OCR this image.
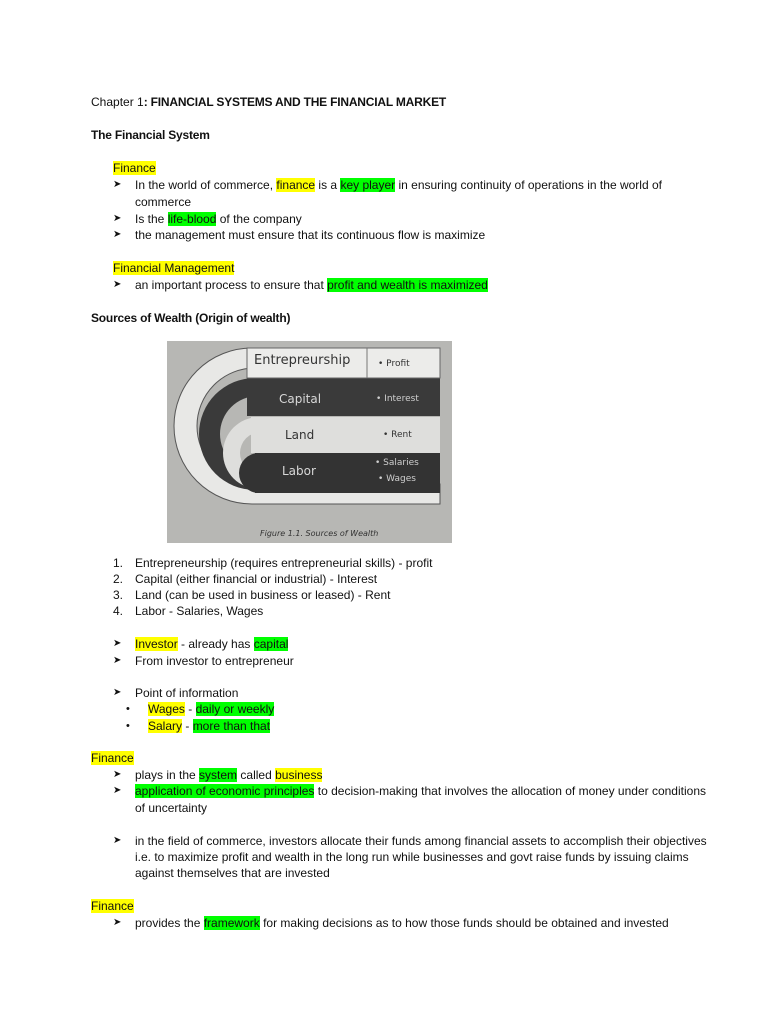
Chapter 1: FINANCIAL SYSTEMS AND THE FINANCIAL MARKET
The Financial System
Finance
➤ In the world of commerce, finance is a key player in ensuring continuity of operations in the world of
commerce
➤ Is the life-blood of the company
➤ the management must ensure that its continuous flow is maximize
Financial Management
➤ an important process to ensure that profit and wealth is maximized
Sources of Wealth (Origin of wealth)
Entrepreurship	• Profit
Capital	• Interest
Land	• Rent
Labor
• Salaries
• Wages
Figure 1.1. Sources of Wealth
1. Entrepreneurship (requires entrepreneurial skills) - profit
2. Capital (either financial or industrial) - Interest
3. Land (can be used in business or leased) - Rent
4. Labor - Salaries, Wages
➤ Investor - already has capital
➤ From investor to entrepreneur
➤ Point of information
• Wages - daily or weekly
• Salary - more than that
Finance
➤ plays in the system called business
➤ application of economic principles to decision-making that involves the allocation of money under conditions
of uncertainty
➤ in the field of commerce, investors allocate their funds among financial assets to accomplish their objectives
i.e. to maximize profit and wealth in the long run while businesses and govt raise funds by issuing claims
against themselves that are invested
Finance
➤ provides the framework for making decisions as to how those funds should be obtained and invested
